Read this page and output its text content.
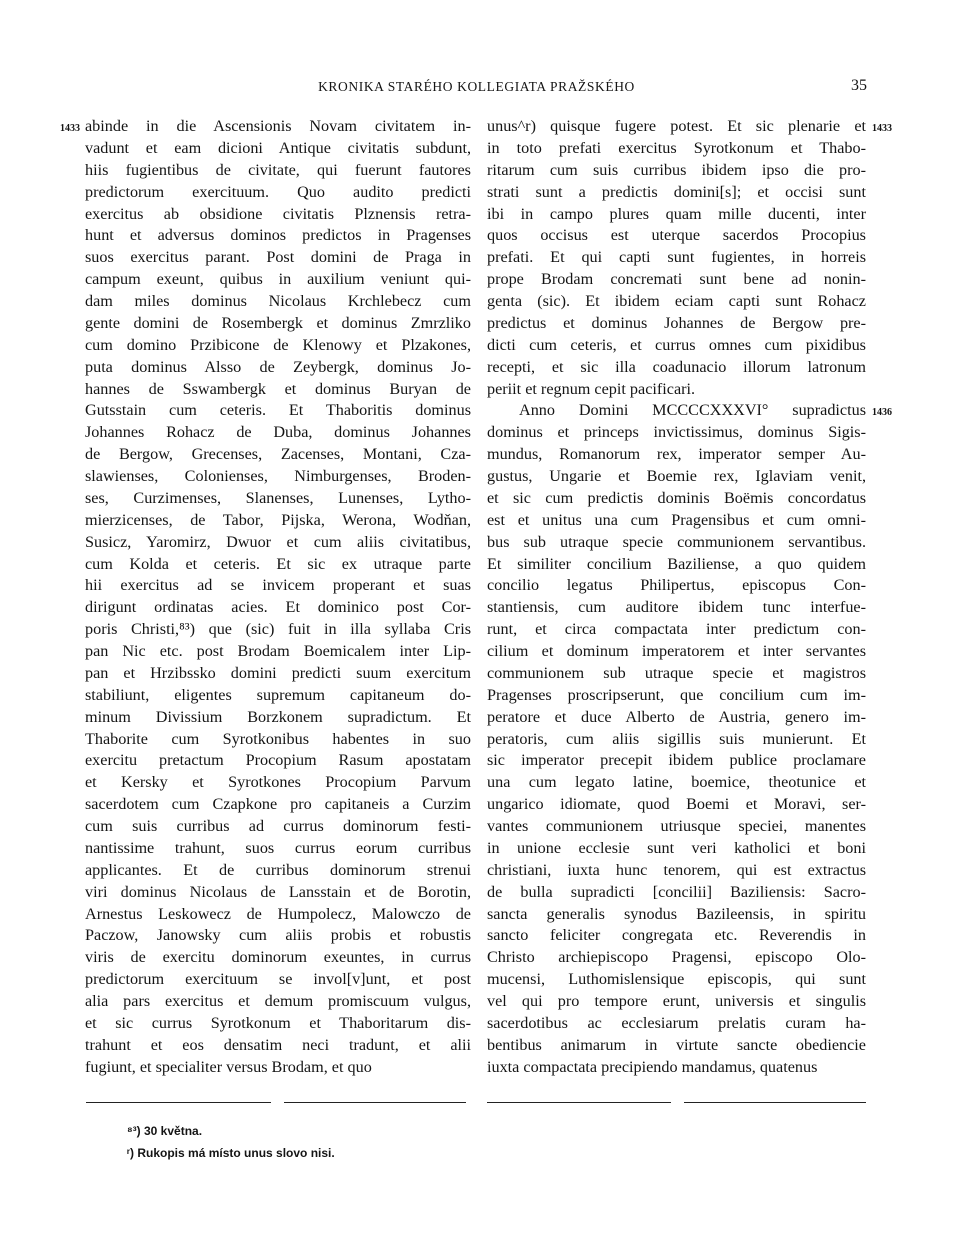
KRONIKA STARÉHO KOLLEGIATA PRAŽSKÉHO	35
1433	1433
1436
abinde in die Ascensionis Novam civitatem in-
vadunt et eam dicioni Antique civitatis subdunt,
hiis fugientibus de civitate, qui fuerunt fautores
predictorum exercituum. Quo audito predicti
exercitus ab obsidione civitatis Plznensis retra-
hunt et adversus dominos predictos in Pragenses
suos exercitus parant. Post domini de Praga in
campum exeunt, quibus in auxilium veniunt qui-
dam miles dominus Nicolaus Krchlebecz cum
gente domini de Rosembergk et dominus Zmrzliko
cum domino Przibicone de Klenowy et Plzakones,
puta dominus Alsso de Zeybergk, dominus Jo-
hannes de Sswambergk et dominus Buryan de
Gutsstain cum ceteris. Et Thaboritis dominus
Johannes Rohacz de Duba, dominus Johannes
de Bergow, Grecenses, Zacenses, Montani, Cza-
slawienses, Colonienses, Nimburgenses, Broden-
ses, Curzimenses, Slanenses, Lunenses, Lytho-
mierzicenses, de Tabor, Pijska, Werona, Wodňan,
Susicz, Yaromirz, Dwuor et cum aliis civitatibus,
cum Kolda et ceteris. Et sic ex utraque parte
hii exercitus ad se invicem properant et suas
dirigunt ordinatas acies. Et dominico post Cor-
poris Christi,⁸³) que (sic) fuit in illa syllaba Cris
pan Nic etc. post Brodam Boemicalem inter Lip-
pan et Hrzibssko domini predicti suum exercitum
stabiliunt, eligentes supremum capitaneum do-
minum Divissium Borzkonem supradictum. Et
Thaborite cum Syrotkonibus habentes in suo
exercitu pretactum Procopium Rasum apostatam
et Kersky et Syrotkones Procopium Parvum
sacerdotem cum Czapkone pro capitaneis a Curzim
cum suis curribus ad currus dominorum festi-
nantissime trahunt, suos currus eorum curribus
applicantes. Et de curribus dominorum strenui
viri dominus Nicolaus de Lansstain et de Borotin,
Arnestus Leskowecz de Humpolecz, Malowczo de
Paczow, Janowsky cum aliis probis et robustis
viris de exercitu dominorum exeuntes, in currus
predictorum exercituum se invol[v]unt, et post
alia pars exercitus et demum promiscuum vulgus,
et sic currus Syrotkonum et Thaboritarum dis-
trahunt et eos densatim neci tradunt, et alii
fugiunt, et specialiter versus Brodam, et quo
unus^r) quisque fugere potest. Et sic plenarie et
in toto prefati exercitus Syrotkonum et Thabo-
ritarum cum suis curribus ibidem ipso die pro-
strati sunt a predictis domini[s]; et occisi sunt
ibi in campo plures quam mille ducenti, inter
quos occisus est uterque sacerdos Procopius
prefati. Et qui capti sunt fugientes, in horreis
prope Brodam concremati sunt bene ad nonin-
genta (sic). Et ibidem eciam capti sunt Rohacz
predictus et dominus Johannes de Bergow pre-
dicti cum ceteris, et currus omnes cum pixidibus
recepti, et sic illa coadunacio illorum latronum
periit et regnum cepit pacificari.
Anno Domini MCCCCXXXVI° supradictus
dominus et princeps invictissimus, dominus Sigis-
mundus, Romanorum rex, imperator semper Au-
gustus, Ungarie et Boemie rex, Iglaviam venit,
et sic cum predictis dominis Boëmis concordatus
est et unitus una cum Pragensibus et cum omni-
bus sub utraque specie communionem servantibus.
Et similiter concilium Baziliense, a quo quidem
concilio legatus Philipertus, episcopus Con-
stantiensis, cum auditore ibidem tunc interfue-
runt, et circa compactata inter predictum con-
cilium et dominum imperatorem et inter servantes
communionem sub utraque specie et magistros
Pragenses proscripserunt, que concilium cum im-
peratore et duce Alberto de Austria, genero im-
peratoris, cum aliis sigillis suis munierunt. Et
sic imperator precepit ibidem publice proclamare
una cum legato latine, boemice, theotunice et
ungarico idiomate, quod Boemi et Moravi, ser-
vantes communionem utriusque speciei, manentes
in unione ecclesie sunt veri katholici et boni
christiani, iuxta hunc tenorem, qui est extractus
de bulla supradicti [concilii] Baziliensis: Sacro-
sancta generalis synodus Bazileensis, in spiritu
sancto feliciter congregata etc. Reverendis in
Christo archiepiscopo Pragensi, episcopo Olo-
mucensi, Luthomislensique episcopis, qui sunt
vel qui pro tempore erunt, universis et singulis
sacerdotibus ac ecclesiarum prelatis curam ha-
bentibus animarum in virtute sancte obediencie
iuxta compactata precipiendo mandamus, quatenus
⁸³) 30 května.
ʳ) Rukopis má místo unus slovo nisi.
